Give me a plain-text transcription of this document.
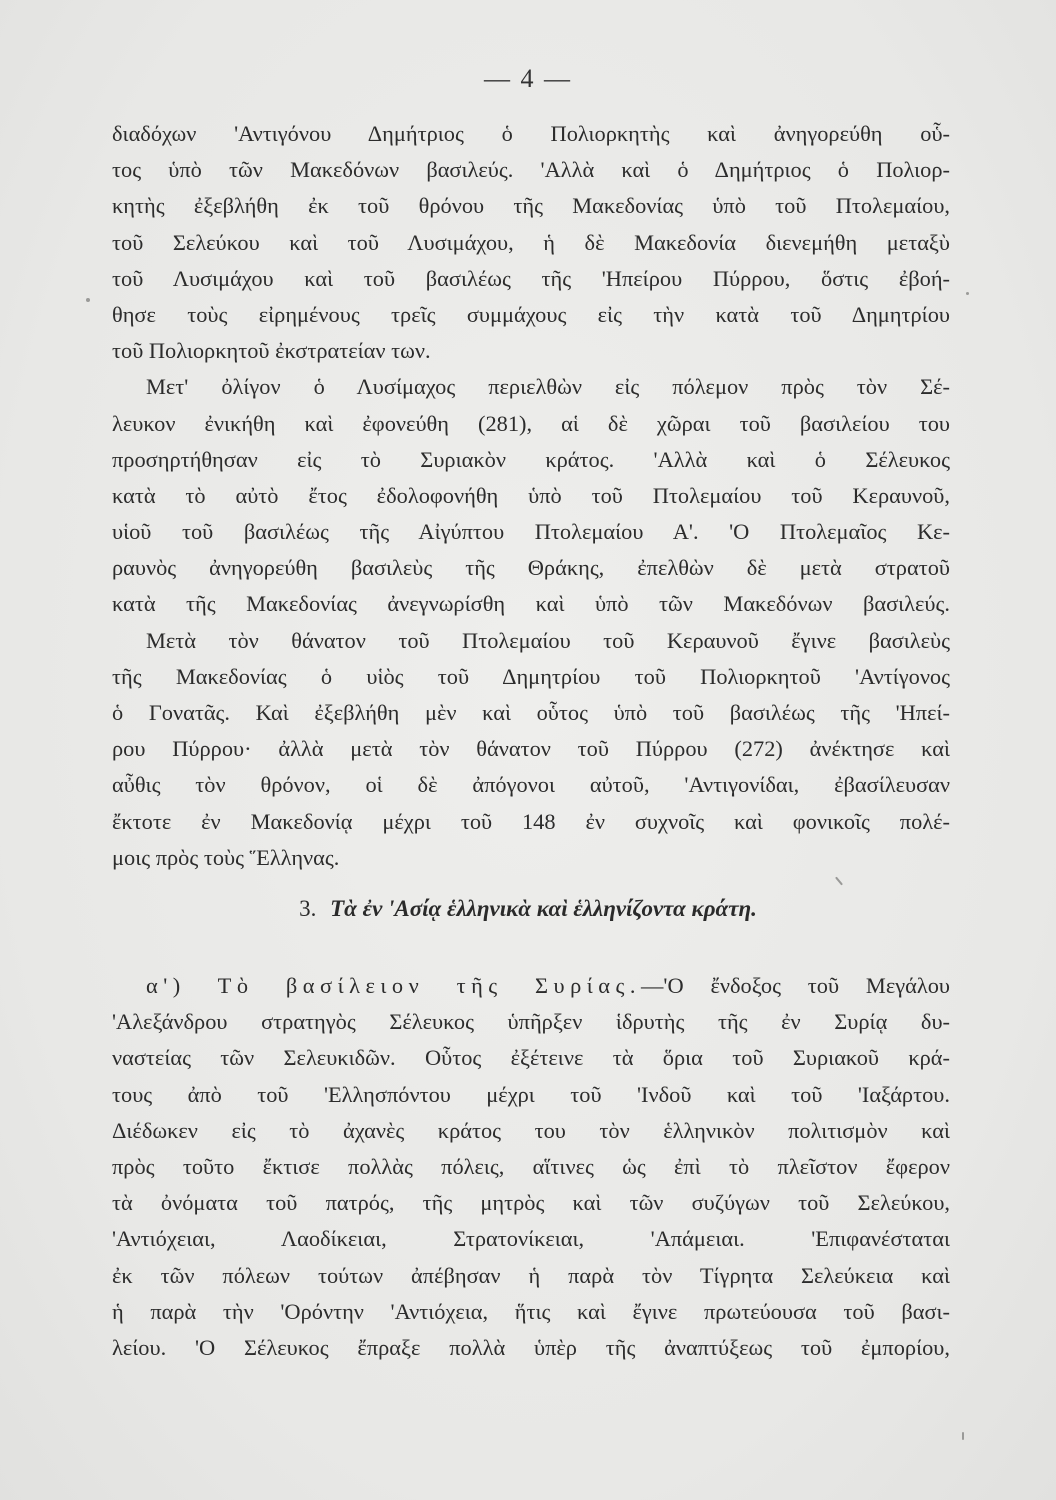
— 4 —
διαδόχων 'Αντιγόνου Δημήτριος ὁ Πολιορκητὴς καὶ ἀνηγορεύθη οὗ-
τος ὑπὸ τῶν Μακεδόνων βασιλεύς. 'Αλλὰ καὶ ὁ Δημήτριος ὁ Πολιορ-
κητὴς ἐξεβλήθη ἐκ τοῦ θρόνου τῆς Μακεδονίας ὑπὸ τοῦ Πτολεμαίου,
τοῦ Σελεύκου καὶ τοῦ Λυσιμάχου, ἡ δὲ Μακεδονία διενεμήθη μεταξὺ
τοῦ Λυσιμάχου καὶ τοῦ βασιλέως τῆς 'Ηπείρου Πύρρου, ὅστις ἐβοή-
θησε τοὺς εἰρημένους τρεῖς συμμάχους εἰς τὴν κατὰ τοῦ Δημητρίου
τοῦ Πολιορκητοῦ ἐκστρατείαν των.
Μετ' ὀλίγον ὁ Λυσίμαχος περιελθὼν εἰς πόλεμον πρὸς τὸν Σέ-
λευκον ἐνικήθη καὶ ἐφονεύθη (281), αἱ δὲ χῶραι τοῦ βασιλείου του
προσηρτήθησαν εἰς τὸ Συριακὸν κράτος. 'Αλλὰ καὶ ὁ Σέλευκος
κατὰ τὸ αὐτὸ ἔτος ἐδολοφονήθη ὑπὸ τοῦ Πτολεμαίου τοῦ Κεραυνοῦ,
υἱοῦ τοῦ βασιλέως τῆς Αἰγύπτου Πτολεμαίου Α'. 'Ο Πτολεμαῖος Κε-
ραυνὸς ἀνηγορεύθη βασιλεὺς τῆς Θράκης, ἐπελθὼν δὲ μετὰ στρατοῦ
κατὰ τῆς Μακεδονίας ἀνεγνωρίσθη καὶ ὑπὸ τῶν Μακεδόνων βασιλεύς.
Μετὰ τὸν θάνατον τοῦ Πτολεμαίου τοῦ Κεραυνοῦ ἔγινε βασιλεὺς
τῆς Μακεδονίας ὁ υἱὸς τοῦ Δημητρίου τοῦ Πολιορκητοῦ 'Αντίγονος
ὁ Γονατᾶς. Καὶ ἐξεβλήθη μὲν καὶ οὗτος ὑπὸ τοῦ βασιλέως τῆς 'Ηπεί-
ρου Πύρρου· ἀλλὰ μετὰ τὸν θάνατον τοῦ Πύρρου (272) ἀνέκτησε καὶ
αὖθις τὸν θρόνον, οἱ δὲ ἀπόγονοι αὐτοῦ, 'Αντιγονίδαι, ἐβασίλευσαν
ἔκτοτε ἐν Μακεδονίᾳ μέχρι τοῦ 148 ἐν συχνοῖς καὶ φονικοῖς πολέ-
μοις πρὸς τοὺς Ἕλληνας.
3. Τὰ ἐν 'Ασίᾳ ἑλληνικὰ καὶ ἑλληνίζοντα κράτη.
α') Τὸ βασίλειον τῆς Συρίας.—'Ο ἔνδοξος τοῦ Μεγάλου
'Αλεξάνδρου στρατηγὸς Σέλευκος ὑπῆρξεν ἱδρυτὴς τῆς ἐν Συρίᾳ δυ-
ναστείας τῶν Σελευκιδῶν. Οὗτος ἐξέτεινε τὰ ὅρια τοῦ Συριακοῦ κρά-
τους ἀπὸ τοῦ 'Ελλησπόντου μέχρι τοῦ 'Ινδοῦ καὶ τοῦ 'Ιαξάρτου.
Διέδωκεν εἰς τὸ ἀχανὲς κράτος του τὸν ἑλληνικὸν πολιτισμὸν καὶ
πρὸς τοῦτο ἔκτισε πολλὰς πόλεις, αἵτινες ὡς ἐπὶ τὸ πλεῖστον ἔφερον
τὰ ὀνόματα τοῦ πατρός, τῆς μητρὸς καὶ τῶν συζύγων τοῦ Σελεύκου,
'Αντιόχειαι, Λαοδίκειαι, Στρατονίκειαι, 'Απάμειαι. 'Επιφανέσταται
ἐκ τῶν πόλεων τούτων ἀπέβησαν ἡ παρὰ τὸν Τίγρητα Σελεύκεια καὶ
ἡ παρὰ τὴν 'Ορόντην 'Αντιόχεια, ἥτις καὶ ἔγινε πρωτεύουσα τοῦ βασι-
λείου. 'Ο Σέλευκος ἔπραξε πολλὰ ὑπὲρ τῆς ἀναπτύξεως τοῦ ἐμπορίου,
